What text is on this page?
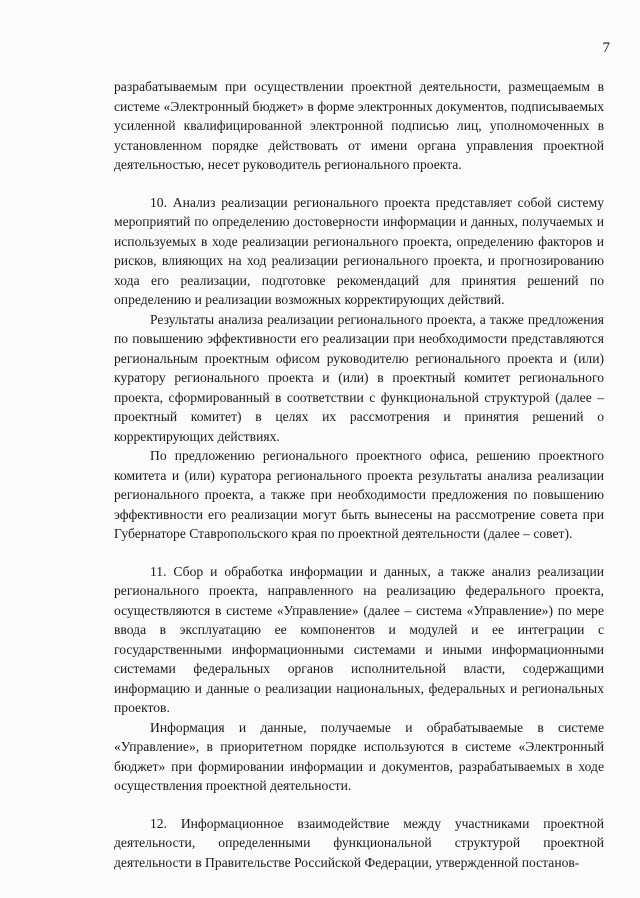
7

разрабатываемым при осуществлении проектной деятельности, размещаемым в системе «Электронный бюджет» в форме электронных документов, подписываемых усиленной квалифицированной электронной подписью лиц, уполномоченных в установленном порядке действовать от имени органа управления проектной деятельностью, несет руководитель регионального проекта.

10. Анализ реализации регионального проекта представляет собой систему мероприятий по определению достоверности информации и данных, получаемых и используемых в ходе реализации регионального проекта, определению факторов и рисков, влияющих на ход реализации регионального проекта, и прогнозированию хода его реализации, подготовке рекомендаций для принятия решений по определению и реализации возможных корректирующих действий.

Результаты анализа реализации регионального проекта, а также предложения по повышению эффективности его реализации при необходимости представляются региональным проектным офисом руководителю регионального проекта и (или) куратору регионального проекта и (или) в проектный комитет регионального проекта, сформированный в соответствии с функциональной структурой (далее – проектный комитет) в целях их рассмотрения и принятия решений о корректирующих действиях.

По предложению регионального проектного офиса, решению проектного комитета и (или) куратора регионального проекта результаты анализа реализации регионального проекта, а также при необходимости предложения по повышению эффективности его реализации могут быть вынесены на рассмотрение совета при Губернаторе Ставропольского края по проектной деятельности (далее – совет).

11. Сбор и обработка информации и данных, а также анализ реализации регионального проекта, направленного на реализацию федерального проекта, осуществляются в системе «Управление» (далее – система «Управление») по мере ввода в эксплуатацию ее компонентов и модулей и ее интеграции с государственными информационными системами и иными информационными системами федеральных органов исполнительной власти, содержащими информацию и данные о реализации национальных, федеральных и региональных проектов.

Информация и данные, получаемые и обрабатываемые в системе «Управление», в приоритетном порядке используются в системе «Электронный бюджет» при формировании информации и документов, разрабатываемых в ходе осуществления проектной деятельности.

12. Информационное взаимодействие между участниками проектной деятельности, определенными функциональной структурой проектной деятельности в Правительстве Российской Федерации, утвержденной постанов-
